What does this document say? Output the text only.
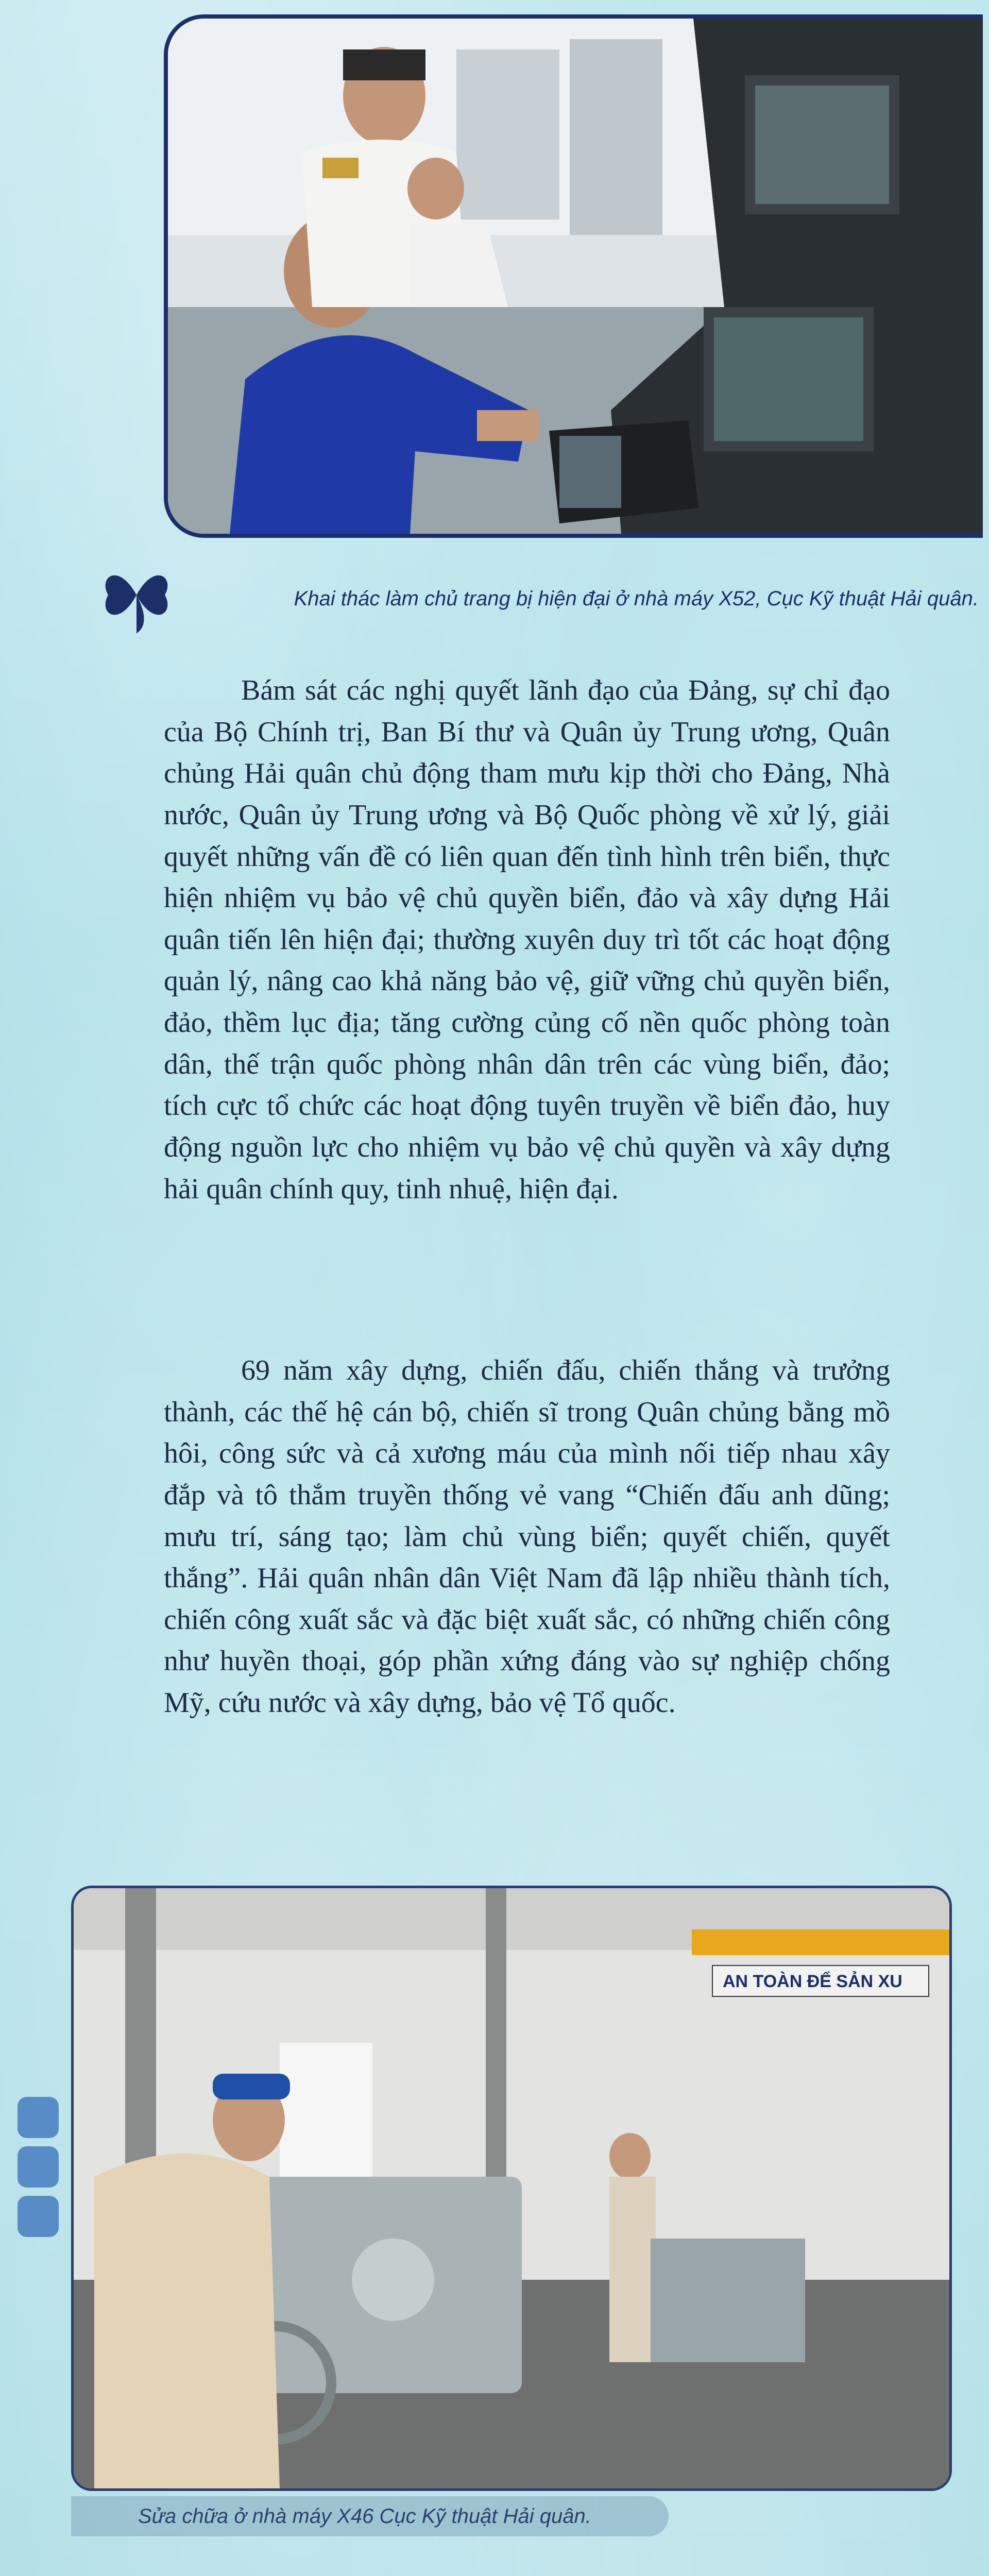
Khai thác làm chủ trang bị hiện đại ở nhà máy X52, Cục Kỹ thuật Hải quân.

Bám sát các nghị quyết lãnh đạo của Đảng, sự chỉ đạo của Bộ Chính trị, Ban Bí thư và Quân ủy Trung ương, Quân chủng Hải quân chủ động tham mưu kịp thời cho Đảng, Nhà nước, Quân ủy Trung ương và Bộ Quốc phòng về xử lý, giải quyết những vấn đề có liên quan đến tình hình trên biển, thực hiện nhiệm vụ bảo vệ chủ quyền biển, đảo và xây dựng Hải quân tiến lên hiện đại; thường xuyên duy trì tốt các hoạt động quản lý, nâng cao khả năng bảo vệ, giữ vững chủ quyền biển, đảo, thềm lục địa; tăng cường củng cố nền quốc phòng toàn dân, thế trận quốc phòng nhân dân trên các vùng biển, đảo; tích cực tổ chức các hoạt động tuyên truyền về biển đảo, huy động nguồn lực cho nhiệm vụ bảo vệ chủ quyền và xây dựng hải quân chính quy, tinh nhuệ, hiện đại.

69 năm xây dựng, chiến đấu, chiến thắng và trưởng thành, các thế hệ cán bộ, chiến sĩ trong Quân chủng bằng mồ hôi, công sức và cả xương máu của mình nối tiếp nhau xây đắp và tô thắm truyền thống vẻ vang “Chiến đấu anh dũng; mưu trí, sáng tạo; làm chủ vùng biển; quyết chiến, quyết thắng”. Hải quân nhân dân Việt Nam đã lập nhiều thành tích, chiến công xuất sắc và đặc biệt xuất sắc, có những chiến công như huyền thoại, góp phần xứng đáng vào sự nghiệp chống Mỹ, cứu nước và xây dựng, bảo vệ Tổ quốc.

AN TOÀN ĐỂ SẢN XU
Sửa chữa ở nhà máy X46 Cục Kỹ thuật Hải quân.
